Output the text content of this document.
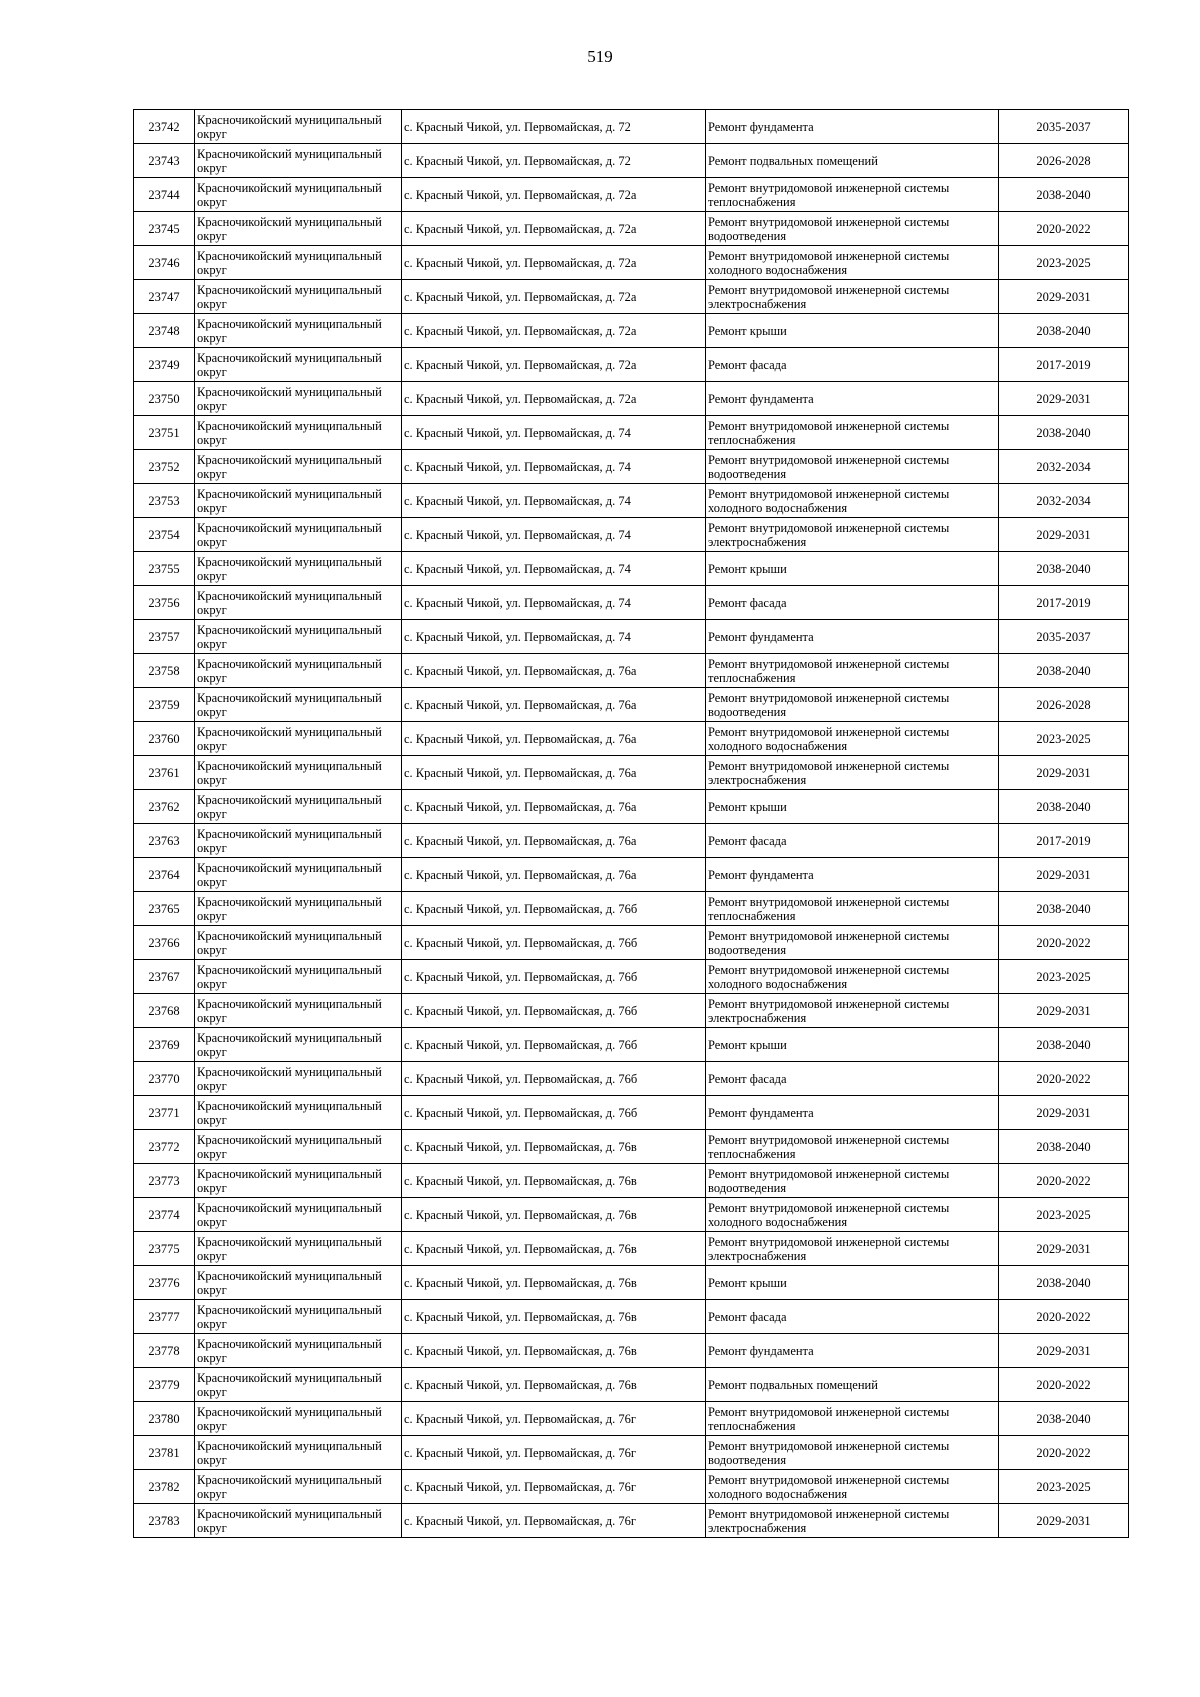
519
23742	Красночикойский муниципальный округ	с. Красный Чикой, ул. Первомайская, д. 72	Ремонт фундамента	2035-2037
23743	Красночикойский муниципальный округ	с. Красный Чикой, ул. Первомайская, д. 72	Ремонт подвальных помещений	2026-2028
23744	Красночикойский муниципальный округ	с. Красный Чикой, ул. Первомайская, д. 72а	Ремонт внутридомовой инженерной системы теплоснабжения	2038-2040
23745	Красночикойский муниципальный округ	с. Красный Чикой, ул. Первомайская, д. 72а	Ремонт внутридомовой инженерной системы водоотведения	2020-2022
23746	Красночикойский муниципальный округ	с. Красный Чикой, ул. Первомайская, д. 72а	Ремонт внутридомовой инженерной системы холодного водоснабжения	2023-2025
23747	Красночикойский муниципальный округ	с. Красный Чикой, ул. Первомайская, д. 72а	Ремонт внутридомовой инженерной системы электроснабжения	2029-2031
23748	Красночикойский муниципальный округ	с. Красный Чикой, ул. Первомайская, д. 72а	Ремонт крыши	2038-2040
23749	Красночикойский муниципальный округ	с. Красный Чикой, ул. Первомайская, д. 72а	Ремонт фасада	2017-2019
23750	Красночикойский муниципальный округ	с. Красный Чикой, ул. Первомайская, д. 72а	Ремонт фундамента	2029-2031
23751	Красночикойский муниципальный округ	с. Красный Чикой, ул. Первомайская, д. 74	Ремонт внутридомовой инженерной системы теплоснабжения	2038-2040
23752	Красночикойский муниципальный округ	с. Красный Чикой, ул. Первомайская, д. 74	Ремонт внутридомовой инженерной системы водоотведения	2032-2034
23753	Красночикойский муниципальный округ	с. Красный Чикой, ул. Первомайская, д. 74	Ремонт внутридомовой инженерной системы холодного водоснабжения	2032-2034
23754	Красночикойский муниципальный округ	с. Красный Чикой, ул. Первомайская, д. 74	Ремонт внутридомовой инженерной системы электроснабжения	2029-2031
23755	Красночикойский муниципальный округ	с. Красный Чикой, ул. Первомайская, д. 74	Ремонт крыши	2038-2040
23756	Красночикойский муниципальный округ	с. Красный Чикой, ул. Первомайская, д. 74	Ремонт фасада	2017-2019
23757	Красночикойский муниципальный округ	с. Красный Чикой, ул. Первомайская, д. 74	Ремонт фундамента	2035-2037
23758	Красночикойский муниципальный округ	с. Красный Чикой, ул. Первомайская, д. 76а	Ремонт внутридомовой инженерной системы теплоснабжения	2038-2040
23759	Красночикойский муниципальный округ	с. Красный Чикой, ул. Первомайская, д. 76а	Ремонт внутридомовой инженерной системы водоотведения	2026-2028
23760	Красночикойский муниципальный округ	с. Красный Чикой, ул. Первомайская, д. 76а	Ремонт внутридомовой инженерной системы холодного водоснабжения	2023-2025
23761	Красночикойский муниципальный округ	с. Красный Чикой, ул. Первомайская, д. 76а	Ремонт внутридомовой инженерной системы электроснабжения	2029-2031
23762	Красночикойский муниципальный округ	с. Красный Чикой, ул. Первомайская, д. 76а	Ремонт крыши	2038-2040
23763	Красночикойский муниципальный округ	с. Красный Чикой, ул. Первомайская, д. 76а	Ремонт фасада	2017-2019
23764	Красночикойский муниципальный округ	с. Красный Чикой, ул. Первомайская, д. 76а	Ремонт фундамента	2029-2031
23765	Красночикойский муниципальный округ	с. Красный Чикой, ул. Первомайская, д. 76б	Ремонт внутридомовой инженерной системы теплоснабжения	2038-2040
23766	Красночикойский муниципальный округ	с. Красный Чикой, ул. Первомайская, д. 76б	Ремонт внутридомовой инженерной системы водоотведения	2020-2022
23767	Красночикойский муниципальный округ	с. Красный Чикой, ул. Первомайская, д. 76б	Ремонт внутридомовой инженерной системы холодного водоснабжения	2023-2025
23768	Красночикойский муниципальный округ	с. Красный Чикой, ул. Первомайская, д. 76б	Ремонт внутридомовой инженерной системы электроснабжения	2029-2031
23769	Красночикойский муниципальный округ	с. Красный Чикой, ул. Первомайская, д. 76б	Ремонт крыши	2038-2040
23770	Красночикойский муниципальный округ	с. Красный Чикой, ул. Первомайская, д. 76б	Ремонт фасада	2020-2022
23771	Красночикойский муниципальный округ	с. Красный Чикой, ул. Первомайская, д. 76б	Ремонт фундамента	2029-2031
23772	Красночикойский муниципальный округ	с. Красный Чикой, ул. Первомайская, д. 76в	Ремонт внутридомовой инженерной системы теплоснабжения	2038-2040
23773	Красночикойский муниципальный округ	с. Красный Чикой, ул. Первомайская, д. 76в	Ремонт внутридомовой инженерной системы водоотведения	2020-2022
23774	Красночикойский муниципальный округ	с. Красный Чикой, ул. Первомайская, д. 76в	Ремонт внутридомовой инженерной системы холодного водоснабжения	2023-2025
23775	Красночикойский муниципальный округ	с. Красный Чикой, ул. Первомайская, д. 76в	Ремонт внутридомовой инженерной системы электроснабжения	2029-2031
23776	Красночикойский муниципальный округ	с. Красный Чикой, ул. Первомайская, д. 76в	Ремонт крыши	2038-2040
23777	Красночикойский муниципальный округ	с. Красный Чикой, ул. Первомайская, д. 76в	Ремонт фасада	2020-2022
23778	Красночикойский муниципальный округ	с. Красный Чикой, ул. Первомайская, д. 76в	Ремонт фундамента	2029-2031
23779	Красночикойский муниципальный округ	с. Красный Чикой, ул. Первомайская, д. 76в	Ремонт подвальных помещений	2020-2022
23780	Красночикойский муниципальный округ	с. Красный Чикой, ул. Первомайская, д. 76г	Ремонт внутридомовой инженерной системы теплоснабжения	2038-2040
23781	Красночикойский муниципальный округ	с. Красный Чикой, ул. Первомайская, д. 76г	Ремонт внутридомовой инженерной системы водоотведения	2020-2022
23782	Красночикойский муниципальный округ	с. Красный Чикой, ул. Первомайская, д. 76г	Ремонт внутридомовой инженерной системы холодного водоснабжения	2023-2025
23783	Красночикойский муниципальный округ	с. Красный Чикой, ул. Первомайская, д. 76г	Ремонт внутридомовой инженерной системы электроснабжения	2029-2031
